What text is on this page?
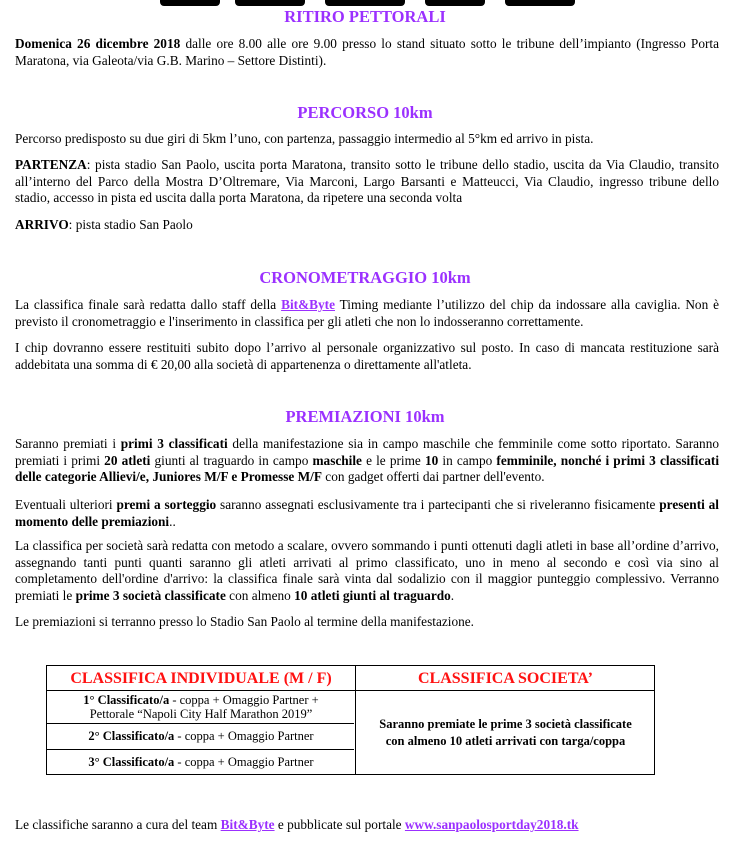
RITIRO PETTORALI
Domenica 26 dicembre 2018 dalle ore 8.00 alle ore 9.00 presso lo stand situato sotto le tribune dell’impianto (Ingresso Porta Maratona, via Galeota/via G.B. Marino – Settore Distinti).
PERCORSO 10km
Percorso predisposto su due giri di 5km l’uno, con partenza, passaggio intermedio al 5°km ed arrivo in pista.
PARTENZA: pista stadio San Paolo, uscita porta Maratona, transito sotto le tribune dello stadio, uscita da Via Claudio, transito all’interno del Parco della Mostra D’Oltremare, Via Marconi, Largo Barsanti e Matteucci, Via Claudio, ingresso tribune dello stadio, accesso in pista ed uscita dalla porta Maratona, da ripetere una seconda volta
ARRIVO: pista stadio San Paolo
CRONOMETRAGGIO 10km
La classifica finale sarà redatta dallo staff della Bit&Byte Timing mediante l’utilizzo del chip da indossare alla caviglia. Non è previsto il cronometraggio e l'inserimento in classifica per gli atleti che non lo indosseranno correttamente.
I chip dovranno essere restituiti subito dopo l’arrivo al personale organizzativo sul posto. In caso di mancata restituzione sarà addebitata una somma di € 20,00 alla società di appartenenza o direttamente all'atleta.
PREMIAZIONI 10km
Saranno premiati i primi 3 classificati della manifestazione sia in campo maschile che femminile come sotto riportato. Saranno premiati i primi 20 atleti giunti al traguardo in campo maschile e le prime 10 in campo femminile, nonché i primi 3 classificati delle categorie Allievi/e, Juniores M/F e Promesse M/F con gadget offerti dai partner dell'evento.
Eventuali ulteriori premi a sorteggio saranno assegnati esclusivamente tra i partecipanti che si riveleranno fisicamente presenti al momento delle premiazioni..
La classifica per società sarà redatta con metodo a scalare, ovvero sommando i punti ottenuti dagli atleti in base all’ordine d’arrivo, assegnando tanti punti quanti saranno gli atleti arrivati al primo classificato, uno in meno al secondo e così via sino al completamento dell'ordine d'arrivo: la classifica finale sarà vinta dal sodalizio con il maggior punteggio complessivo. Verranno premiati le prime 3 società classificate con almeno 10 atleti giunti al traguardo.
Le premiazioni si terranno presso lo Stadio San Paolo al termine della manifestazione.
CLASSIFICA INDIVIDUALE (M / F)	CLASSIFICA SOCIETA’
1° Classificato/a - coppa + Omaggio Partner +
Pettorale “Napoli City Half Marathon 2019”
2° Classificato/a - coppa + Omaggio Partner
3° Classificato/a - coppa + Omaggio Partner
Saranno premiate le prime 3 società classificate
con almeno 10 atleti arrivati con targa/coppa
Le classifiche saranno a cura del team Bit&Byte e pubblicate sul portale www.sanpaolosportday2018.tk
